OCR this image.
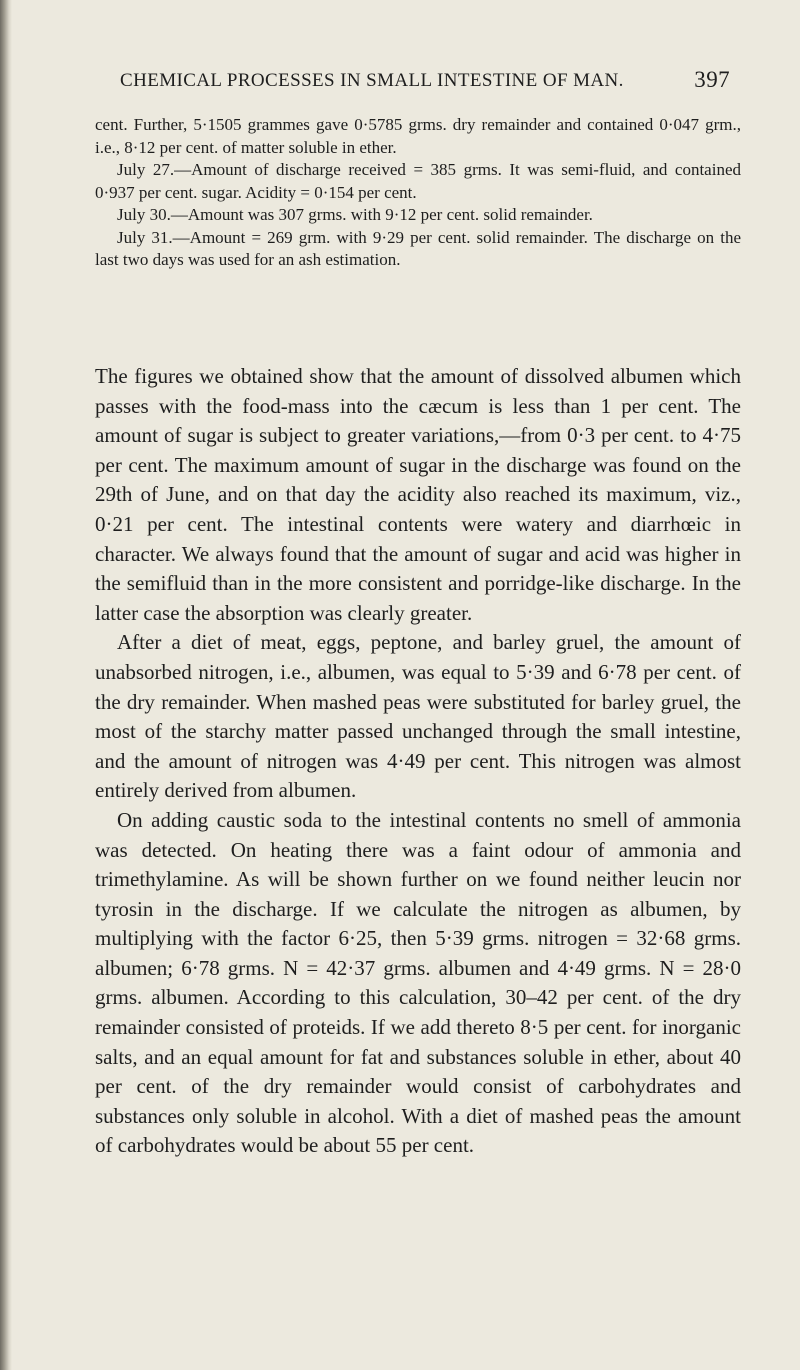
CHEMICAL PROCESSES IN SMALL INTESTINE OF MAN.	397

cent. Further, 5·1505 grammes gave 0·5785 grms. dry remainder and contained 0·047 grm., i.e., 8·12 per cent. of matter soluble in ether.

July 27.—Amount of discharge received = 385 grms. It was semi-fluid, and contained 0·937 per cent. sugar. Acidity = 0·154 per cent.

July 30.—Amount was 307 grms. with 9·12 per cent. solid remainder.

July 31.—Amount = 269 grm. with 9·29 per cent. solid remainder. The discharge on the last two days was used for an ash estimation.

The figures we obtained show that the amount of dissolved albumen which passes with the food-mass into the cæcum is less than 1 per cent. The amount of sugar is subject to greater variations,—from 0·3 per cent. to 4·75 per cent. The maximum amount of sugar in the discharge was found on the 29th of June, and on that day the acidity also reached its maximum, viz., 0·21 per cent. The intestinal contents were watery and diarrhœic in character. We always found that the amount of sugar and acid was higher in the semifluid than in the more consistent and porridge-like discharge. In the latter case the absorption was clearly greater.

After a diet of meat, eggs, peptone, and barley gruel, the amount of unabsorbed nitrogen, i.e., albumen, was equal to 5·39 and 6·78 per cent. of the dry remainder. When mashed peas were substituted for barley gruel, the most of the starchy matter passed unchanged through the small intestine, and the amount of nitrogen was 4·49 per cent. This nitrogen was almost entirely derived from albumen.

On adding caustic soda to the intestinal contents no smell of ammonia was detected. On heating there was a faint odour of ammonia and trimethylamine. As will be shown further on we found neither leucin nor tyrosin in the discharge. If we calculate the nitrogen as albumen, by multiplying with the factor 6·25, then 5·39 grms. nitrogen = 32·68 grms. albumen; 6·78 grms. N = 42·37 grms. albumen and 4·49 grms. N = 28·0 grms. albumen. According to this calculation, 30–42 per cent. of the dry remainder consisted of proteids. If we add thereto 8·5 per cent. for inorganic salts, and an equal amount for fat and substances soluble in ether, about 40 per cent. of the dry remainder would consist of carbohydrates and substances only soluble in alcohol. With a diet of mashed peas the amount of carbohydrates would be about 55 per cent.
